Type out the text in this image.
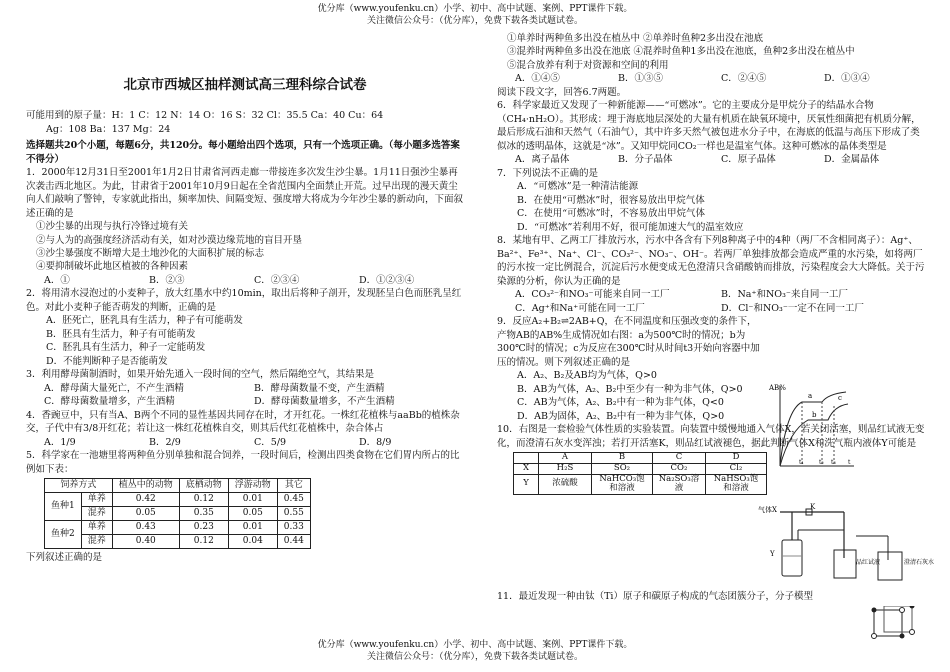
优分库（www.youfenku.cn）小学、初中、高中试题、案例、PPT课件下载。
关注微信公众号：（优分库），免费下载各类试题试卷。
北京市西城区抽样测试高三理科综合试卷

可能用到的原子量：H：1 C：12 N：14 O：16 S：32 Cl：35.5 Ca：40 Cu：64

Ag：108 Ba：137 Mg：24

选择题共20个小题，每题6分，共120分。每小题给出四个选项，只有一个选项正确。（每小题多选答案不得分）

1．2000年12月31日至2001年1月2日甘肃省河西走廊一带接连多次发生沙尘暴。1月11日强沙尘暴再次袭击西北地区。为此，甘肃省于2001年10月9日起在全省范围内全面禁止开荒。过早出现的漫天黄尘向人们敲响了警钟，专家就此指出，频率加快、间隔变短、强度增大将成为今年沙尘暴的新动向，下面叙述正确的是

①沙尘暴的出现与执行冷锋过境有关

②与人为的高强度经济活动有关，如对沙漠边缘荒地的盲目开垦

③沙尘暴强度不断增大是土地沙化的大面积扩展的标志

④要抑制破坏此地区植被的各种因素

A．①	B．②③	C．②③④	D．①②③④

2．将用清水浸泡过的小麦种子，放大红墨水中约10min，取出后将种子剖开，发现胚呈白色而胚乳呈红色。对此小麦种子能否萌发的判断，正确的是

A．胚死亡，胚乳具有生活力，种子有可能萌发

B．胚具有生活力，种子有可能萌发

C．胚乳具有生活力，种子一定能萌发

D．不能判断种子是否能萌发

3．利用酵母菌制酒时，如果开始先通入一段时间的空气，然后隔绝空气，其结果是

A．酵母菌大量死亡，不产生酒精	B．酵母菌数量不变，产生酒精
C．酵母菌数量增多，产生酒精	D．酵母菌数量增多，不产生酒精

4．香豌豆中，只有当A、B两个不同的显性基因共同存在时，才开红花。一株红花植株与aaBb的植株杂交，子代中有3/8开红花；若让这一株红花植株自交，则其后代红花植株中，杂合体占

A．1/9	B．2/9	C．5/9	D．8/9

5．科学家在一池塘里将两种鱼分别单独和混合饲养，一段时间后，检测出四类食物在它们胃内所占的比例如下表：

饲养方式		植丛中的动物	底栖动物	浮游动物	其它
鱼种1	单养	0.42	0.12	0.01	0.45
	混养	0.05	0.35	0.05	0.55
鱼种2	单养	0.43	0.23	0.01	0.33
	混养	0.40	0.12	0.04	0.44

下列叙述正确的是

①单养时两种鱼多出没在植丛中 ②单养时鱼种2多出没在池底

③混养时两种鱼多出没在池底 ④混养时鱼种1多出没在池底，鱼种2多出没在植丛中

⑤混合放养有利于对资源和空间的利用

A．①④⑤	B．①③⑤	C．②④⑤	D．①③④

阅读下段文字，回答6.7两题。

6．科学家最近又发现了一种新能源——“可燃冰”。它的主要成分是甲烷分子的结晶水合物（CH₄·nH₂O）。其形成：埋于海底地层深处的大量有机质在缺氧环境中，厌氧性细菌把有机质分解，最后形成石油和天然气（石油气），其中许多天然气被包进水分子中，在海底的低温与高压下形成了类似冰的透明晶体，这就是“冰”。又知甲烷同CO₂一样也是温室气体。这种可燃冰的晶体类型是

A．离子晶体	B．分子晶体	C．原子晶体	D．金属晶体

7．下列说法不正确的是

A．“可燃冰”是一种清洁能源

B．在使用“可燃冰”时，很容易放出甲烷气体

C．在使用“可燃冰”时，不容易放出甲烷气体

D．“可燃冰”若利用不好，很可能加速大气的温室效应

8．某地有甲、乙两工厂排放污水，污水中各含有下列8种离子中的4种（两厂不含相同离子）：Ag⁺、Ba²⁺、Fe³⁺、Na⁺、Cl⁻、CO₃²⁻、NO₃⁻、OH⁻。若两厂单独排放都会造成严重的水污染，如将两厂的污水按一定比例混合，沉淀后污水便变成无色澄清只含硝酸钠而排放，污染程度会大大降低。关于污染源的分析，你认为正确的是

A．CO₃²⁻和NO₃⁻可能来自同一工厂	B．Na⁺和NO₃⁻来自同一工厂
C．Ag⁺和Na⁺可能在同一工厂	D．Cl⁻和NO₃⁻一定不在同一工厂

9．反应A₂+B₂⇌2AB+Q，在不同温度和压强改变的条件下，产物AB的AB%生成情况如右图：a为500℃时的情况；b为300℃时的情况；c为反应在300℃时从时间t3开始向容器中加压的情况。则下列叙述正确的是

A．A₂、B₂及AB均为气体，Q>0

B．AB为气体，A₂、B₂中至少有一种为非气体，Q>0

C．AB为气体，A₂、B₂中有一种为非气体，Q<0

D．AB为固体，A₂、B₂中有一种为非气体，Q>0

10．右图是一套检验气体性质的实验装置。向装置中缓慢地通入气体X，若关闭活塞，则品红试液无变化，而澄清石灰水变浑浊；若打开活塞K，则品红试液褪色，据此判断气体X和洗气瓶内液体Y可能是

	A	B	C	D
X	H₂S	SO₂	CO₂	Cl₂
Y	浓硫酸	NaHCO₃饱和溶液	Na₂SO₃溶液	NaHSO₃饱和溶液

11．最近发现一种由钛（Ti）原子和碳原子构成的气态团簇分子，分子模型

AB%
a
b
c
t₁	t₂ t₃ t
气体X	K
Y
品红试液	澄清石灰水
优分库（www.youfenku.cn）小学、初中、高中试题、案例、PPT课件下载。
关注微信公众号：（优分库），免费下载各类试题试卷。
